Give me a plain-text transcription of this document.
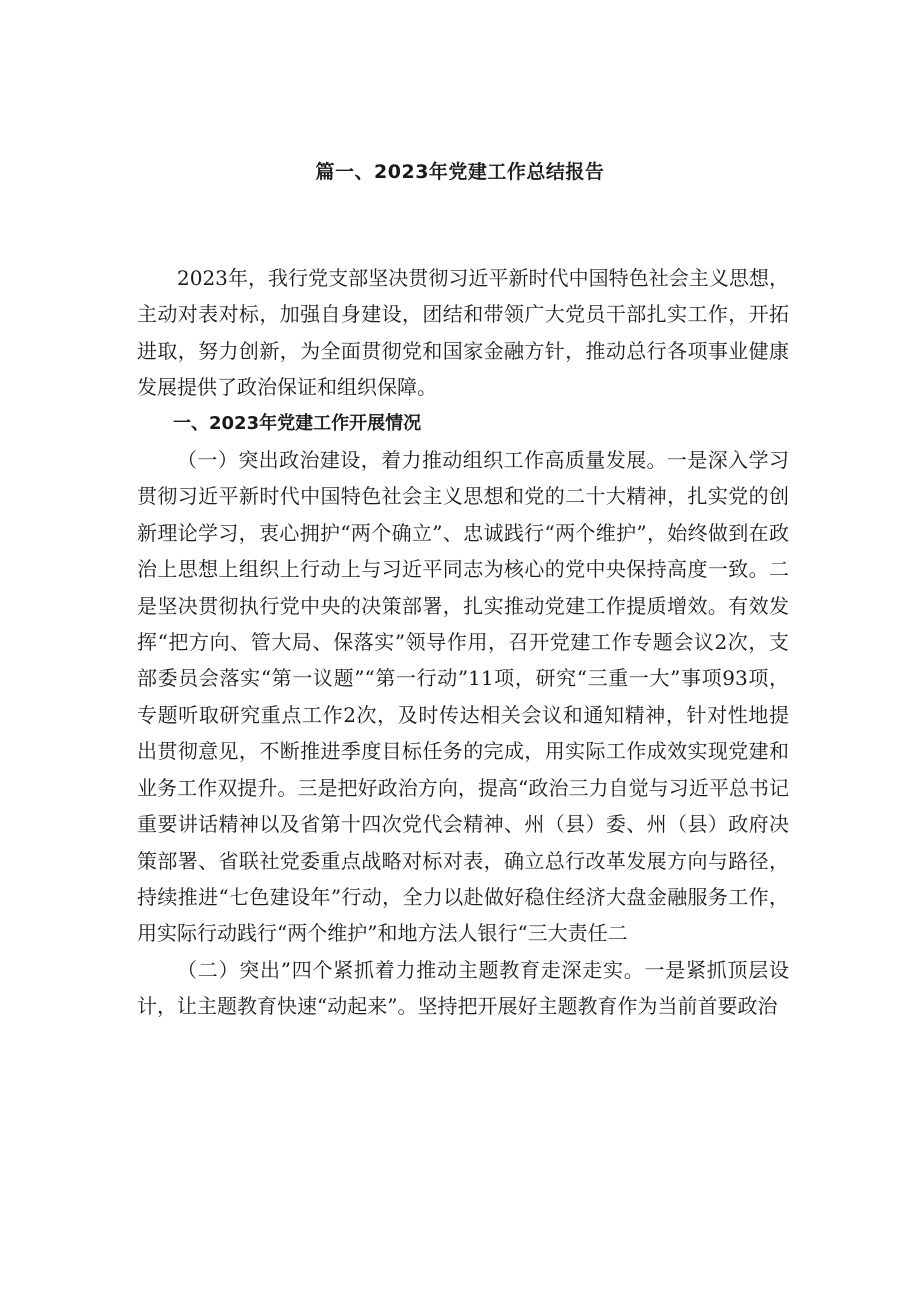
篇一、2023年党建工作总结报告

2023年，我行党支部坚决贯彻习近平新时代中国特色社会主义思想，主动对表对标，加强自身建设，团结和带领广大党员干部扎实工作，开拓进取，努力创新，为全面贯彻党和国家金融方针，推动总行各项事业健康发展提供了政治保证和组织保障。

一、2023年党建工作开展情况

（一）突出政治建设，着力推动组织工作高质量发展。一是深入学习贯彻习近平新时代中国特色社会主义思想和党的二十大精神，扎实党的创新理论学习，衷心拥护“两个确立”、忠诚践行“两个维护”，始终做到在政治上思想上组织上行动上与习近平同志为核心的党中央保持高度一致。二是坚决贯彻执行党中央的决策部署，扎实推动党建工作提质增效。有效发挥“把方向、管大局、保落实”领导作用，召开党建工作专题会议2次，支部委员会落实“第一议题”“第一行动”11项，研究“三重一大”事项93项，专题听取研究重点工作2次，及时传达相关会议和通知精神，针对性地提出贯彻意见，不断推进季度目标任务的完成，用实际工作成效实现党建和业务工作双提升。三是把好政治方向，提高“政治三力自觉与习近平总书记重要讲话精神以及省第十四次党代会精神、州（县）委、州（县）政府决策部署、省联社党委重点战略对标对表，确立总行改革发展方向与路径，持续推进“七色建设年”行动，全力以赴做好稳住经济大盘金融服务工作，用实际行动践行“两个维护”和地方法人银行“三大责任二

（二）突出”四个紧抓着力推动主题教育走深走实。一是紧抓顶层设计，让主题教育快速“动起来”。坚持把开展好主题教育作为当前首要政治
